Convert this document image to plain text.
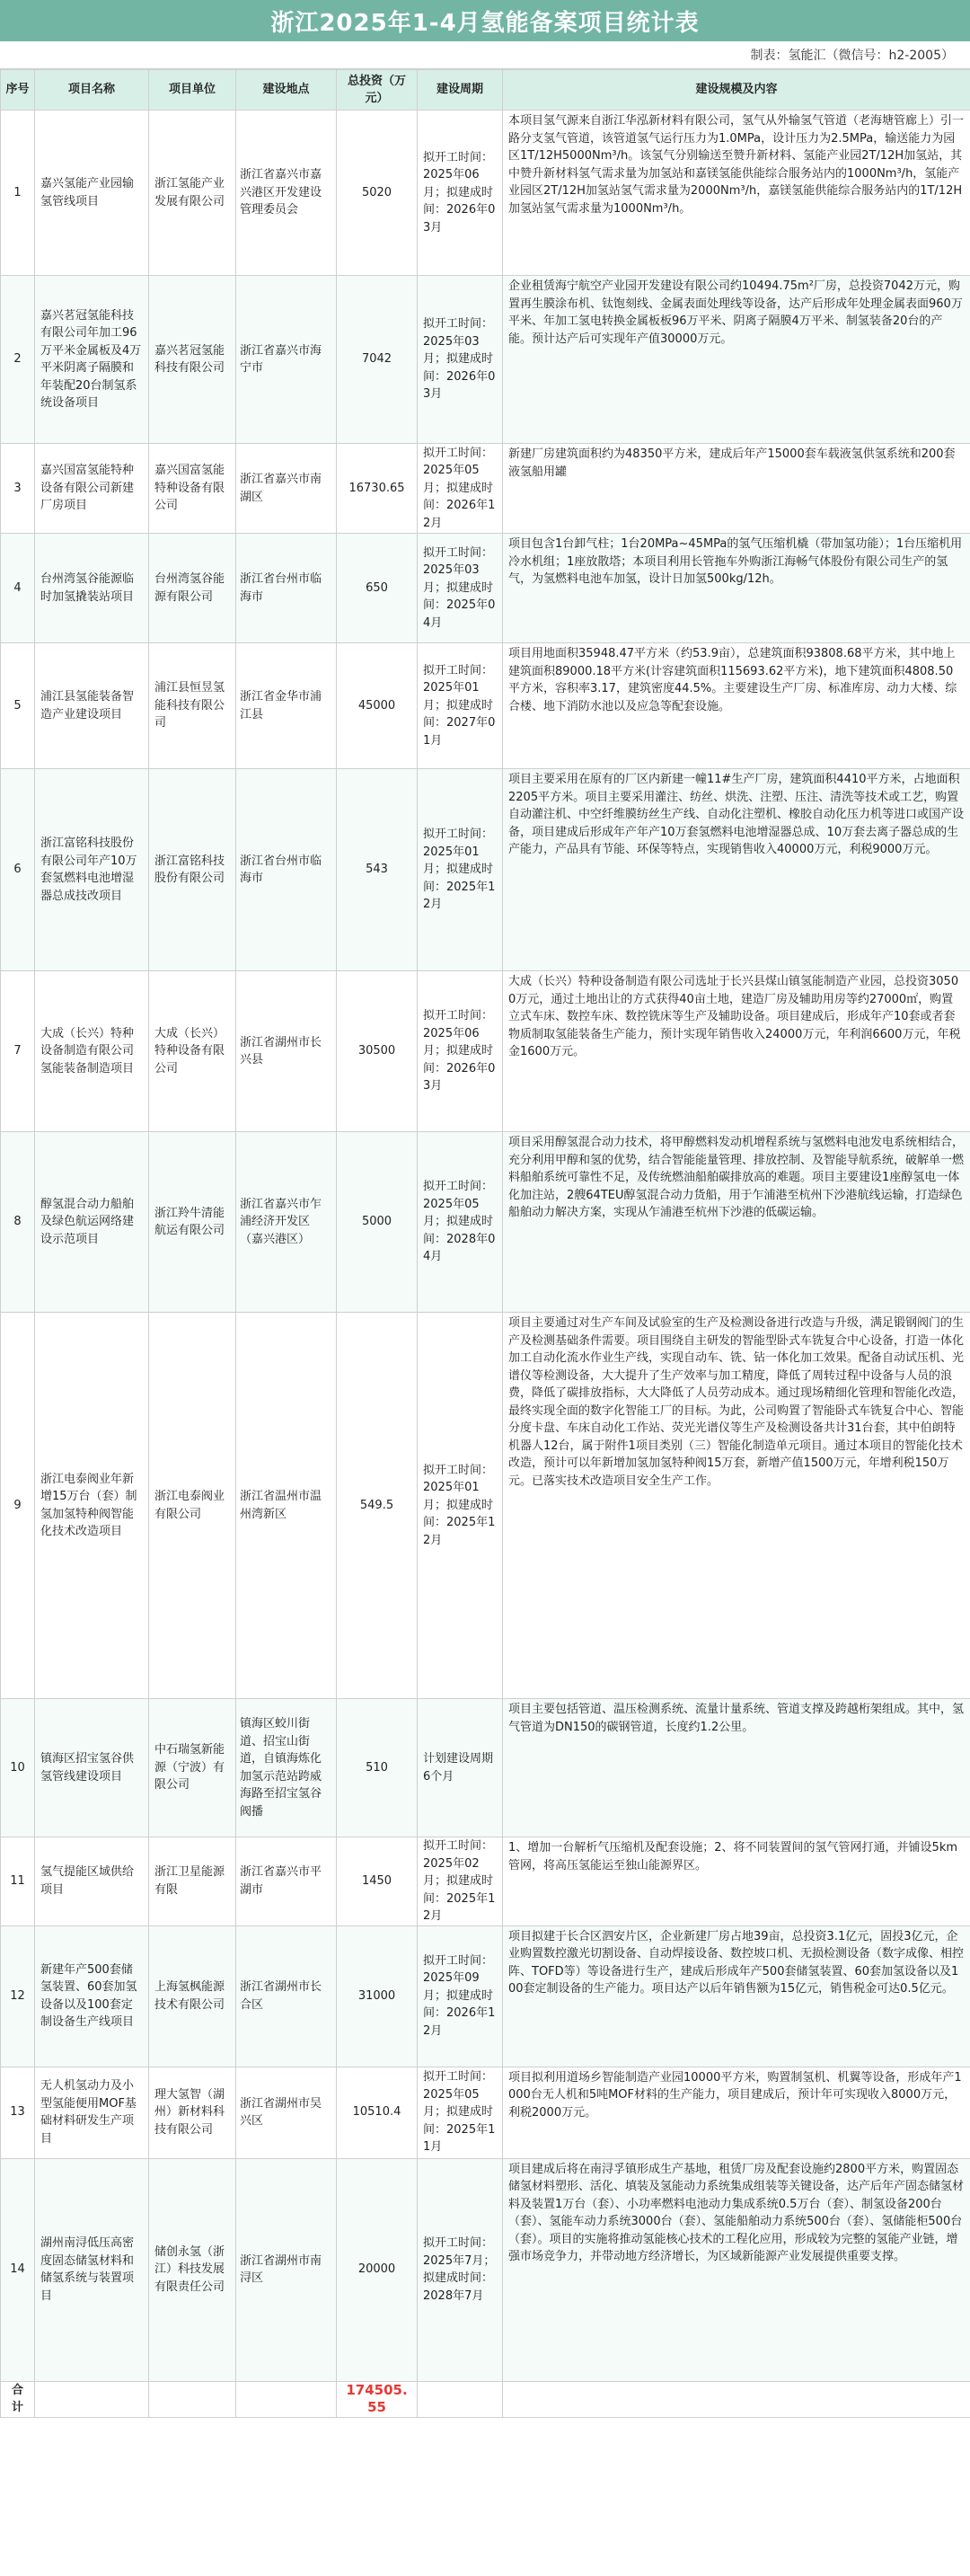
浙江2025年1-4月氢能备案项目统计表
制表：氢能汇（微信号：h2-2005）
序号	项目名称	项目单位	建设地点	总投资（万元）	建设周期	建设规模及内容
1	嘉兴氢能产业园输氢管线项目	浙江氢能产业发展有限公司	浙江省嘉兴市嘉兴港区开发建设管理委员会	5020	拟开工时间：2025年06月；拟建成时间：2026年03月	本项目氢气源来自浙江华泓新材料有限公司，氢气从外输氢气管道（老海塘管廊上）引一路分支氢气管道，该管道氢气运行压力为1.0MPa，设计压力为2.5MPa，输送能力为园区1T/12H5000Nm³/h。该氢气分别输送至赞升新材料、氢能产业园2T/12H加氢站，其中赞升新材料氢气需求量为加氢站和嘉镁氢能供能综合服务站内的1000Nm³/h，氢能产业园区2T/12H加氢站氢气需求量为2000Nm³/h，嘉镁氢能供能综合服务站内的1T/12H加氢站氢气需求量为1000Nm³/h。
2	嘉兴茗冠氢能科技有限公司年加工96万平米金属板及4万平米阴离子隔膜和年装配20台制氢系统设备项目	嘉兴茗冠氢能科技有限公司	浙江省嘉兴市海宁市	7042	拟开工时间：2025年03月；拟建成时间：2026年03月	企业租赁海宁航空产业园开发建设有限公司约10494.75m²厂房，总投资7042万元，购置再生膜涂布机、钛饱刻线、金属表面处理线等设备，达产后形成年处理金属表面960万平米、年加工氢电转换金属板板96万平米、阴离子隔膜4万平米、制氢装备20台的产能。预计达产后可实现年产值30000万元。
3	嘉兴国富氢能特种设备有限公司新建厂房项目	嘉兴国富氢能特种设备有限公司	浙江省嘉兴市南湖区	16730.65	拟开工时间：2025年05月；拟建成时间：2026年12月	新建厂房建筑面积约为48350平方米，建成后年产15000套车载液氢供氢系统和200套液氢船用罐
4	台州湾氢谷能源临时加氢撬装站项目	台州湾氢谷能源有限公司	浙江省台州市临海市	650	拟开工时间：2025年03月；拟建成时间：2025年04月	项目包含1台卸气柱；1台20MPa~45MPa的氢气压缩机橇（带加氢功能）；1台压缩机用冷水机组；1座放散塔；本项目利用长管拖车外购浙江海畅气体股份有限公司生产的氢气，为氢燃料电池车加氢，设计日加氢500kg/12h。
5	浦江县氢能装备智造产业建设项目	浦江县恒昱氢能科技有限公司	浙江省金华市浦江县	45000	拟开工时间：2025年01月；拟建成时间：2027年01月	项目用地面积35948.47平方米（约53.9亩），总建筑面积93808.68平方米，其中地上建筑面积89000.18平方米(计容建筑面积115693.62平方米)，地下建筑面积4808.50平方米，容积率3.17，建筑密度44.5%。主要建设生产厂房、标准库房、动力大楼、综合楼、地下消防水池以及应急等配套设施。
6	浙江富铭科技股份有限公司年产10万套氢燃料电池增湿器总成技改项目	浙江富铭科技股份有限公司	浙江省台州市临海市	543	拟开工时间：2025年01月；拟建成时间：2025年12月	项目主要采用在原有的厂区内新建一幢11#生产厂房，建筑面积4410平方米，占地面积2205平方米。项目主要采用灌注、纺丝、烘洗、注塑、压注、清洗等技术或工艺，购置自动灌注机、中空纤维膜纺丝生产线、自动化注塑机、橡胶自动化压力机等进口或国产设备，项目建成后形成年产年产10万套氢燃料电池增湿器总成、10万套去离子器总成的生产能力，产品具有节能、环保等特点，实现销售收入40000万元，利税9000万元。
7	大成（长兴）特种设备制造有限公司氢能装备制造项目	大成（长兴）特种设备有限公司	浙江省湖州市长兴县	30500	拟开工时间：2025年06月；拟建成时间：2026年03月	大成（长兴）特种设备制造有限公司选址于长兴县煤山镇氢能制造产业园，总投资30500万元，通过土地出让的方式获得40亩土地，建造厂房及辅助用房等约27000㎡，购置立式车床、数控车床、数控铣床等生产及辅助设备。项目建成后，形成年产10套或者套物质制取氢能装备生产能力，预计实现年销售收入24000万元，年利润6600万元，年税金1600万元。
8	醇氢混合动力船舶及绿色航运网络建设示范项目	浙江羚牛清能航运有限公司	浙江省嘉兴市乍浦经济开发区（嘉兴港区）	5000	拟开工时间：2025年05月；拟建成时间：2028年04月	项目采用醇氢混合动力技术，将甲醇燃料发动机增程系统与氢燃料电池发电系统相结合，充分利用甲醇和氢的优势，结合智能能量管理、排放控制、及智能导航系统，破解单一燃料船舶系统可靠性不足，及传统燃油船舶碳排放高的难题。项目主要建设1座醇氢电一体化加注站，2艘64TEU醇氢混合动力货船，用于乍浦港至杭州下沙港航线运输，打造绿色船舶动力解决方案，实现从乍浦港至杭州下沙港的低碳运输。
9	浙江电泰阀业年新增15万台（套）制氢加氢特种阀智能化技术改造项目	浙江电泰阀业有限公司	浙江省温州市温州湾新区	549.5	拟开工时间：2025年01月；拟建成时间：2025年12月	项目主要通过对生产车间及试验室的生产及检测设备进行改造与升级，满足锻钢阀门的生产及检测基础条件需要。项目围绕自主研发的智能型卧式车铣复合中心设备，打造一体化加工自动化流水作业生产线，实现自动车、铣、钻一体化加工效果。配备自动试压机、光谱仪等检测设备，大大提升了生产效率与加工精度，降低了周转过程中设备与人员的浪费，降低了碳排放指标，大大降低了人员劳动成本。通过现场精细化管理和智能化改造，最终实现全面的数字化智能工厂的目标。为此，公司购置了智能卧式车铣复合中心、智能分度卡盘、车床自动化工作站、荧光光谱仪等生产及检测设备共计31台套，其中伯朗特机器人12台，属于附件1项目类别（三）智能化制造单元项目。通过本项目的智能化技术改造，预计可以年新增加氢加氢特种阀15万套，新增产值1500万元，年增利税150万元。已落实技术改造项目安全生产工作。
10	镇海区招宝氢谷供氢管线建设项目	中石瑞氢新能源（宁波）有限公司	镇海区蛟川街道、招宝山街道，自镇海炼化加氢示范站跨威海路至招宝氢谷阀播	510	计划建设周期6个月	项目主要包括管道、温压检测系统、流量计量系统、管道支撑及跨越桁架组成。其中，氢气管道为DN150的碳钢管道，长度约1.2公里。
11	氢气提能区域供给项目	浙江卫星能源有限	浙江省嘉兴市平湖市	1450	拟开工时间：2025年02月；拟建成时间：2025年12月	1、增加一台解析气压缩机及配套设施；2、将不同装置间的氢气管网打通，并铺设5km管网，将高压氢能运至独山能源界区。
12	新建年产500套储氢装置、60套加氢设备以及100套定制设备生产线项目	上海氢枫能源技术有限公司	浙江省湖州市长合区	31000	拟开工时间：2025年09月；拟建成时间：2026年12月	项目拟建于长合区泗安片区，企业新建厂房占地39亩，总投资3.1亿元，固投3亿元，企业购置数控激光切割设备、自动焊接设备、数控坡口机、无损检测设备（数字成像、相控阵、TOFD等）等设备进行生产，建成后形成年产500套储氢装置、60套加氢设备以及100套定制设备的生产能力。项目达产以后年销售额为15亿元，销售税金可达0.5亿元。
13	无人机氢动力及小型氢能便用MOF基础材料研发生产项目	理大氢智（湖州）新材料科技有限公司	浙江省湖州市吴兴区	10510.4	拟开工时间：2025年05月；拟建成时间：2025年11月	项目拟利用道场乡智能制造产业园10000平方米，购置制氢机、机翼等设备，形成年产1000台无人机和5吨MOF材料的生产能力，项目建成后，预计年可实现收入8000万元，利税2000万元。
14	湖州南浔低压高密度固态储氢材料和储氢系统与装置项目	储创永氢（浙江）科技发展有限责任公司	浙江省湖州市南浔区	20000	拟开工时间：2025年7月；拟建成时间：2028年7月	项目建成后将在南浔孚镇形成生产基地，租赁厂房及配套设施约2800平方米，购置固态储氢材料塑形、活化、填装及氢能动力系统集成组装等关键设备，达产后年产固态储氢材料及装置1万台（套）、小功率燃料电池动力集成系统0.5万台（套）、制氢设备200台（套）、氢能车动力系统3000台（套）、氢能船舶动力系统500台（套）、氢储能柜500台（套）。项目的实施将推动氢能核心技术的工程化应用，形成较为完整的氢能产业链，增强市场竞争力，并带动地方经济增长，为区域新能源产业发展提供重要支撑。
合计				174505.55		
